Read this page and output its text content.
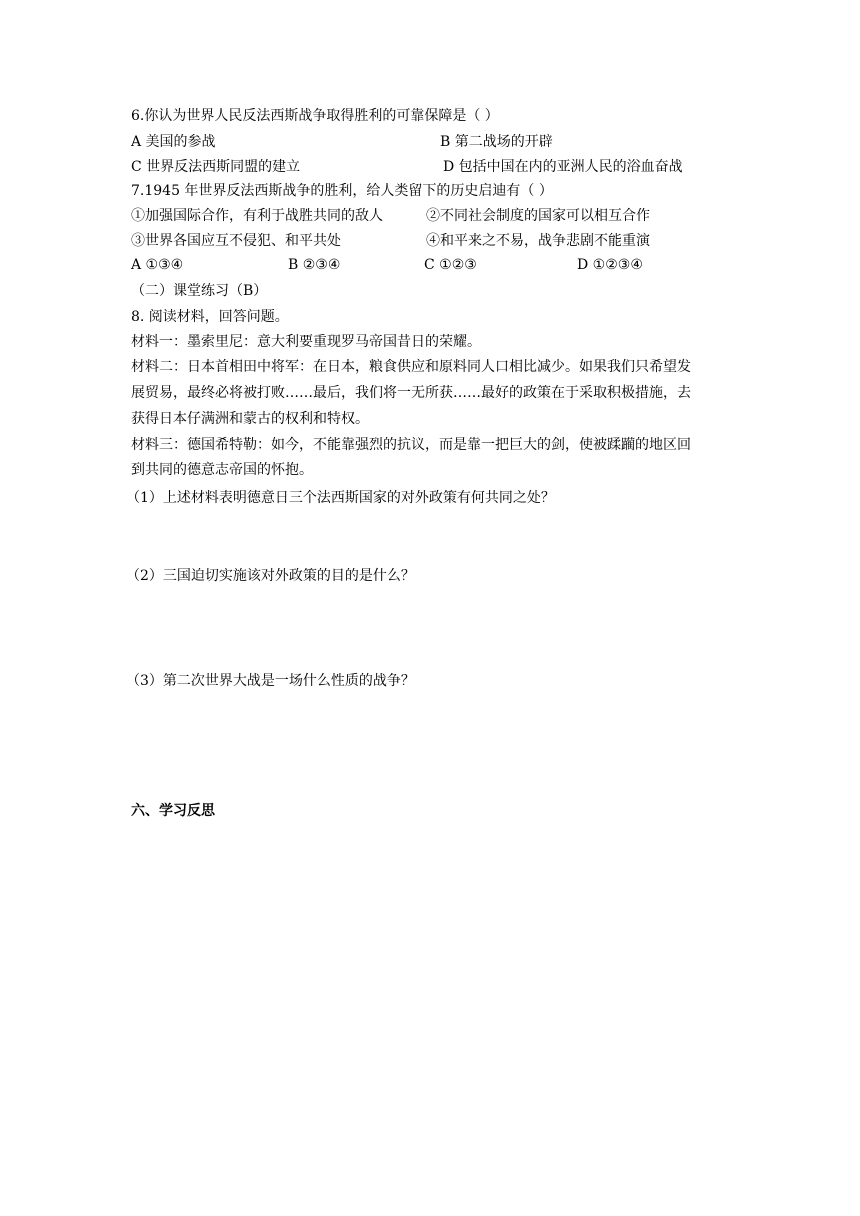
6.你认为世界人民反法西斯战争取得胜利的可靠保障是（ ）
A 美国的参战	B 第二战场的开辟
C 世界反法西斯同盟的建立	D 包括中国在内的亚洲人民的浴血奋战
7.1945 年世界反法西斯战争的胜利，给人类留下的历史启迪有（ ）
①加强国际合作，有利于战胜共同的敌人	②不同社会制度的国家可以相互合作
③世界各国应互不侵犯、和平共处	④和平来之不易，战争悲剧不能重演
A ①③④	B ②③④	C ①②③	D ①②③④
（二）课堂练习（B）
8. 阅读材料，回答问题。
材料一：墨索里尼：意大利要重现罗马帝国昔日的荣耀。
材料二：日本首相田中将军：在日本，粮食供应和原料同人口相比减少。如果我们只希望发
展贸易，最终必将被打败……最后，我们将一无所获……最好的政策在于采取积极措施，去
获得日本仔满洲和蒙古的权利和特权。
材料三：德国希特勒：如今，不能靠强烈的抗议，而是靠一把巨大的剑，使被蹂躏的地区回
到共同的德意志帝国的怀抱。
（1）上述材料表明德意日三个法西斯国家的对外政策有何共同之处？
（2）三国迫切实施该对外政策的目的是什么？
（3）第二次世界大战是一场什么性质的战争？
六、学习反思
